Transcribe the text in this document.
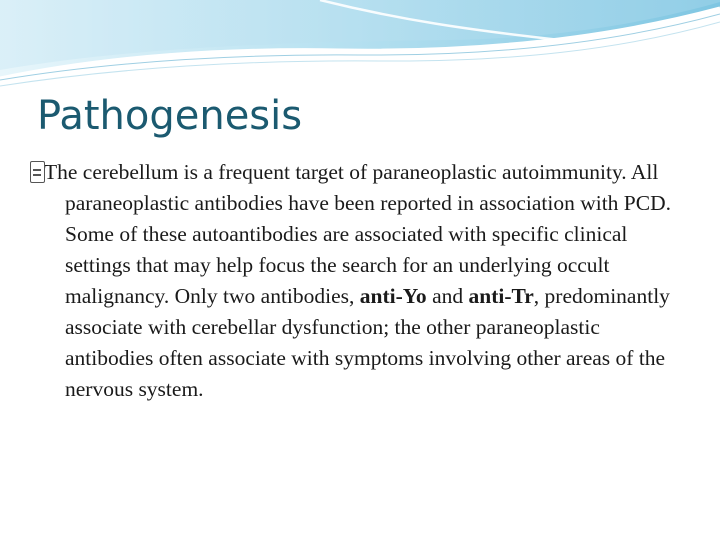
Pathogenesis

The cerebellum is a frequent target of paraneoplastic autoimmunity. All paraneoplastic antibodies have been reported in association with PCD. Some of these autoantibodies are associated with specific clinical settings that may help focus the search for an underlying occult malignancy. Only two antibodies, anti-Yo and anti-Tr, predominantly associate with cerebellar dysfunction; the other paraneoplastic antibodies often associate with symptoms involving other areas of the nervous system.
